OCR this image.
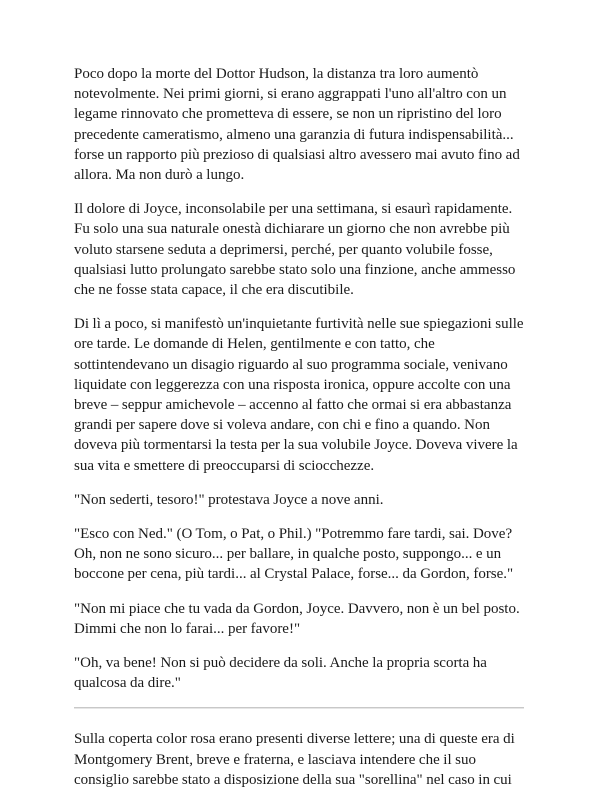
Poco dopo la morte del Dottor Hudson, la distanza tra loro aumentò notevolmente. Nei primi giorni, si erano aggrappati l'uno all'altro con un legame rinnovato che prometteva di essere, se non un ripristino del loro precedente cameratismo, almeno una garanzia di futura indispensabilità... forse un rapporto più prezioso di qualsiasi altro avessero mai avuto fino ad allora. Ma non durò a lungo.

Il dolore di Joyce, inconsolabile per una settimana, si esaurì rapidamente. Fu solo una sua naturale onestà dichiarare un giorno che non avrebbe più voluto starsene seduta a deprimersi, perché, per quanto volubile fosse, qualsiasi lutto prolungato sarebbe stato solo una finzione, anche ammesso che ne fosse stata capace, il che era discutibile.

Di lì a poco, si manifestò un'inquietante furtività nelle sue spiegazioni sulle ore tarde. Le domande di Helen, gentilmente e con tatto, che sottintendevano un disagio riguardo al suo programma sociale, venivano liquidate con leggerezza con una risposta ironica, oppure accolte con una breve – seppur amichevole – accenno al fatto che ormai si era abbastanza grandi per sapere dove si voleva andare, con chi e fino a quando. Non doveva più tormentarsi la testa per la sua volubile Joyce. Doveva vivere la sua vita e smettere di preoccuparsi di sciocchezze.

"Non sederti, tesoro!" protestava Joyce a nove anni.

"Esco con Ned." (O Tom, o Pat, o Phil.) "Potremmo fare tardi, sai. Dove? Oh, non ne sono sicuro... per ballare, in qualche posto, suppongo... e un boccone per cena, più tardi... al Crystal Palace, forse... da Gordon, forse."

"Non mi piace che tu vada da Gordon, Joyce. Davvero, non è un bel posto. Dimmi che non lo farai... per favore!"

"Oh, va bene! Non si può decidere da soli. Anche la propria scorta ha qualcosa da dire."

Sulla coperta color rosa erano presenti diverse lettere; una di queste era di Montgomery Brent, breve e fraterna, e lasciava intendere che il suo consiglio sarebbe stato a disposizione della sua "sorellina" nel caso in cui
